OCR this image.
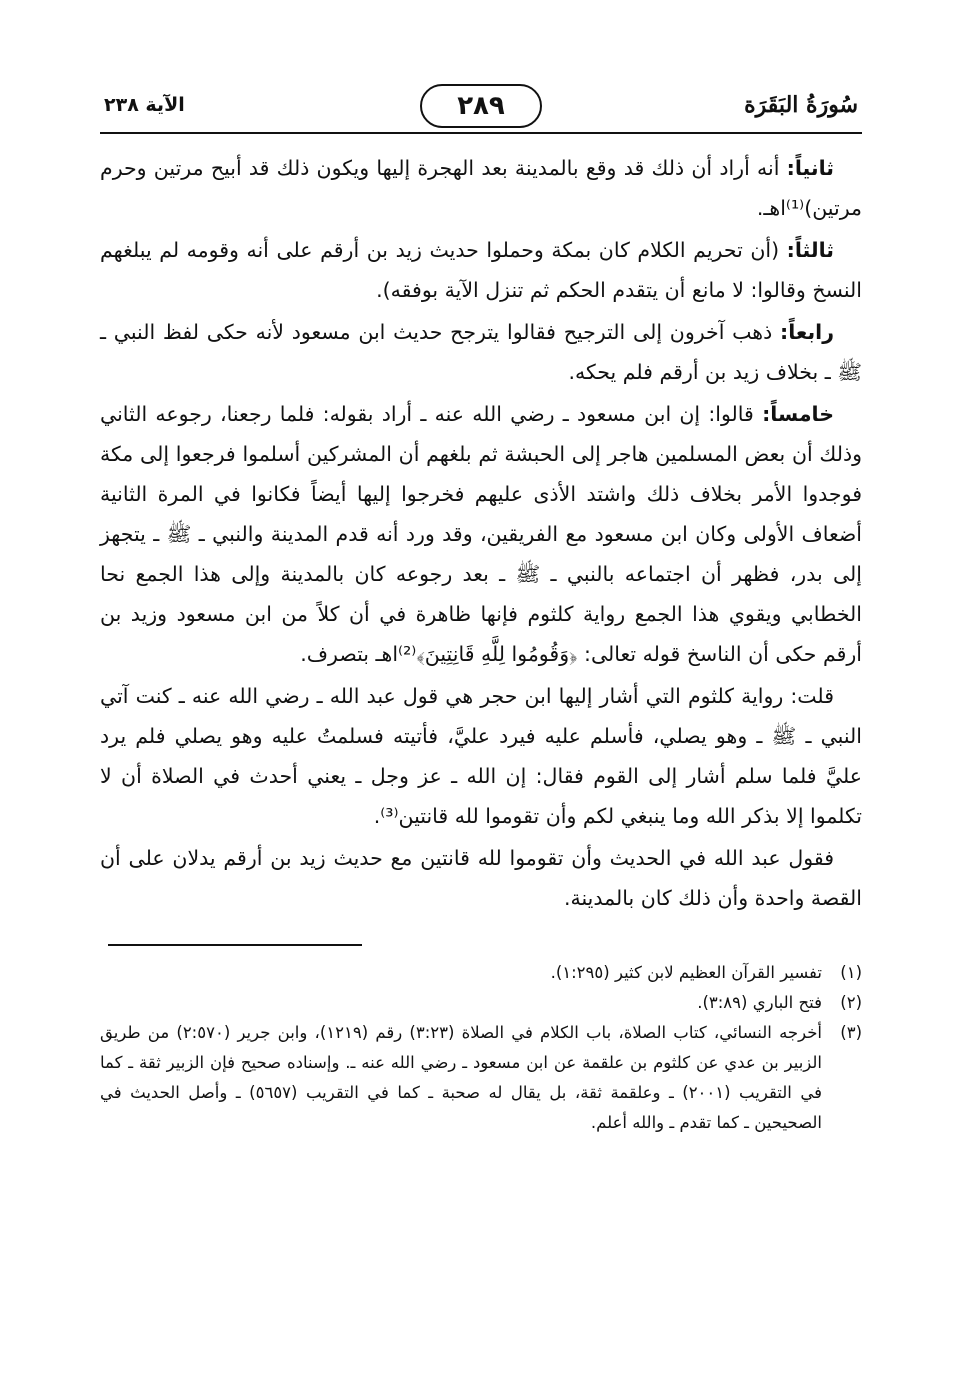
سُورَةُ البَقَرَة
٢٨٩
الآية ٢٣٨

ثانياً: أنه أراد أن ذلك قد وقع بالمدينة بعد الهجرة إليها ويكون ذلك قد أبيح مرتين وحرم مرتين)⁽¹⁾اهـ.

ثالثاً: (أن تحريم الكلام كان بمكة وحملوا حديث زيد بن أرقم على أنه وقومه لم يبلغهم النسخ وقالوا: لا مانع أن يتقدم الحكم ثم تنزل الآية بوفقه).

رابعاً: ذهب آخرون إلى الترجيح فقالوا يترجح حديث ابن مسعود لأنه حكى لفظ النبي ـ ﷺ ـ بخلاف زيد بن أرقم فلم يحكه.

خامساً: قالوا: إن ابن مسعود ـ رضي الله عنه ـ أراد بقوله: فلما رجعنا، رجوعه الثاني وذلك أن بعض المسلمين هاجر إلى الحبشة ثم بلغهم أن المشركين أسلموا فرجعوا إلى مكة فوجدوا الأمر بخلاف ذلك واشتد الأذى عليهم فخرجوا إليها أيضاً فكانوا في المرة الثانية أضعاف الأولى وكان ابن مسعود مع الفريقين، وقد ورد أنه قدم المدينة والنبي ـ ﷺ ـ يتجهز إلى بدر، فظهر أن اجتماعه بالنبي ـ ﷺ ـ بعد رجوعه كان بالمدينة وإلى هذا الجمع نحا الخطابي ويقوي هذا الجمع رواية كلثوم فإنها ظاهرة في أن كلاً من ابن مسعود وزيد بن أرقم حكى أن الناسخ قوله تعالى: ﴿وَقُومُوا لِلَّهِ قَانِتِينَ﴾⁽²⁾اهـ بتصرف.

قلت: رواية كلثوم التي أشار إليها ابن حجر هي قول عبد الله ـ رضي الله عنه ـ كنت آتي النبي ـ ﷺ ـ وهو يصلي، فأسلم عليه فيرد عليَّ، فأتيته فسلمتُ عليه وهو يصلي فلم يرد عليَّ فلما سلم أشار إلى القوم فقال: إن الله ـ عز وجل ـ يعني أحدث في الصلاة أن لا تكلموا إلا بذكر الله وما ينبغي لكم وأن تقوموا لله قانتين⁽³⁾.

فقول عبد الله في الحديث وأن تقوموا لله قانتين مع حديث زيد بن أرقم يدلان على أن القصة واحدة وأن ذلك كان بالمدينة.

(١)
تفسير القرآن العظيم لابن كثير (١:٢٩٥).
(٢)
فتح الباري (٣:٨٩).
(٣)
أخرجه النسائي، كتاب الصلاة، باب الكلام في الصلاة (٣:٢٣) رقم (١٢١٩)، وابن جرير (٢:٥٧٠) من طريق الزبير بن عدي عن كلثوم بن علقمة عن ابن مسعود ـ رضي الله عنه ـ. وإسناده صحيح فإن الزبير ثقة ـ كما في التقريب (٢٠٠١) ـ وعلقمة ثقة، بل يقال له صحبة ـ كما في التقريب (٥٦٥٧) ـ وأصل الحديث في الصحيحين ـ كما تقدم ـ والله أعلم.
